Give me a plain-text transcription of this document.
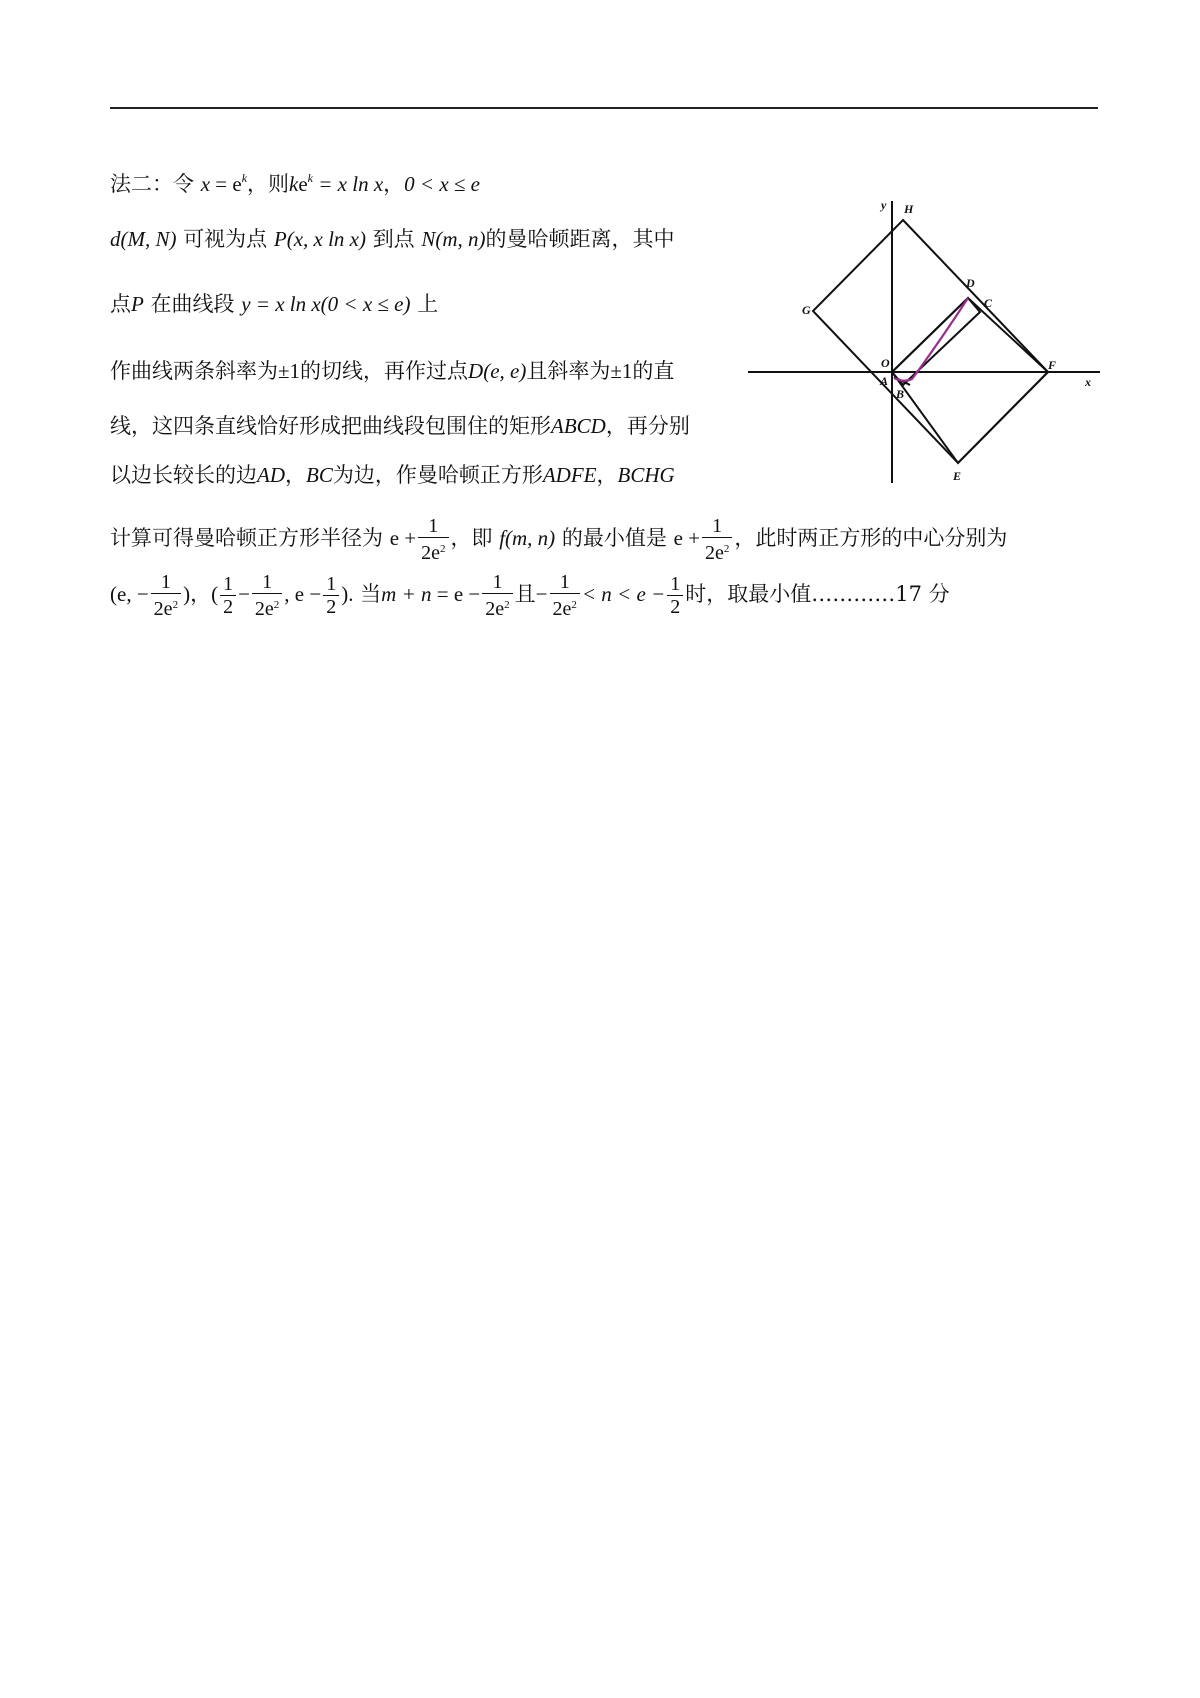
法二：令 $x = e^k$，则$ke^k = x$ ln x，0 < x ≤ e
d(M, N) 可视为点 P(x, x ln x) 到点 N(m, n)的曼哈顿距离，其中
点P 在曲线段 y = x ln x(0 < x ≤ e) 上
作曲线两条斜率为±1的切线，再作过点D(e, e)且斜率为±1的直
线，这四条直线恰好形成把曲线段包围住的矩形ABCD，再分别
以边长较长的边AD，BC为边，作曼哈顿正方形ADFE，BCHG
计算可得曼哈顿正方形半径为 $e + \frac{1}{2e^2}$ ，即 f(m, n) 的最小值是 $e + \frac{1}{2e^2}$ ，此时两正方形的中心分别为
(e, − $\frac{1}{2e^2}$ )，( $\frac{1}{2} - \frac{1}{2e^2}$ , $e - \frac{1}{2}$ ). 当$m + n = e - \frac{1}{2e^2}$ 且− $\frac{1}{2e^2} < n < e - \frac{1}{2}$ 时，取最小值…………17 分
y H
D
C
G
O
A
B
F
x
E
